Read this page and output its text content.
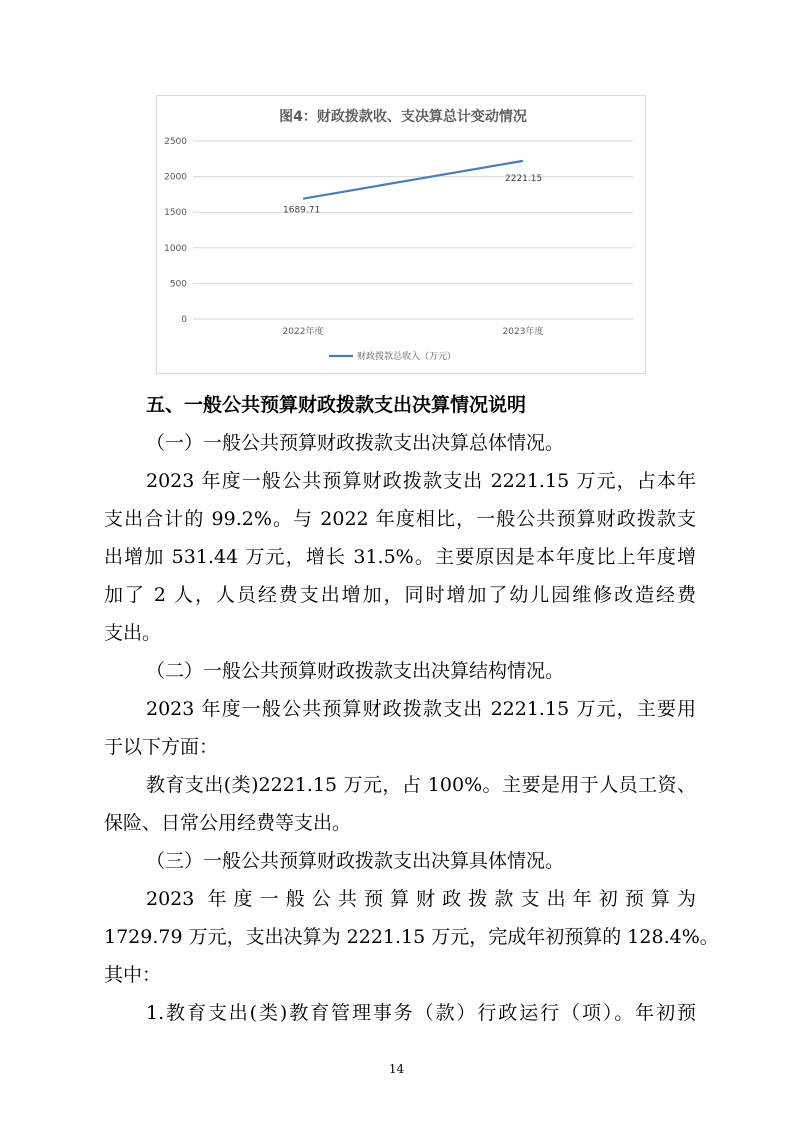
图4：财政拨款收、支决算总计变动情况
0
500
1000
1500
2000
2500
2022年度	2023年度
1689.71
2221.15
财政拨款总收入（万元）
五、一般公共预算财政拨款支出决算情况说明
（一）一般公共预算财政拨款支出决算总体情况。
2023 年度一般公共预算财政拨款支出 2221.15 万元，占本年
支出合计的 99.2%。与 2022 年度相比，一般公共预算财政拨款支
出增加 531.44 万元，增长 31.5%。主要原因是本年度比上年度增
加了 2 人，人员经费支出增加，同时增加了幼儿园维修改造经费
支出。
（二）一般公共预算财政拨款支出决算结构情况。
2023 年度一般公共预算财政拨款支出 2221.15 万元，主要用
于以下方面：
教育支出(类)2221.15 万元，占 100%。主要是用于人员工资、
保险、日常公用经费等支出。
（三）一般公共预算财政拨款支出决算具体情况。
2023 年度一般公共预算财政拨款支出年初预算为
1729.79 万元，支出决算为 2221.15 万元，完成年初预算的 128.4%。
其中：
1.教育支出(类)教育管理事务（款）行政运行（项）。年初预
14
